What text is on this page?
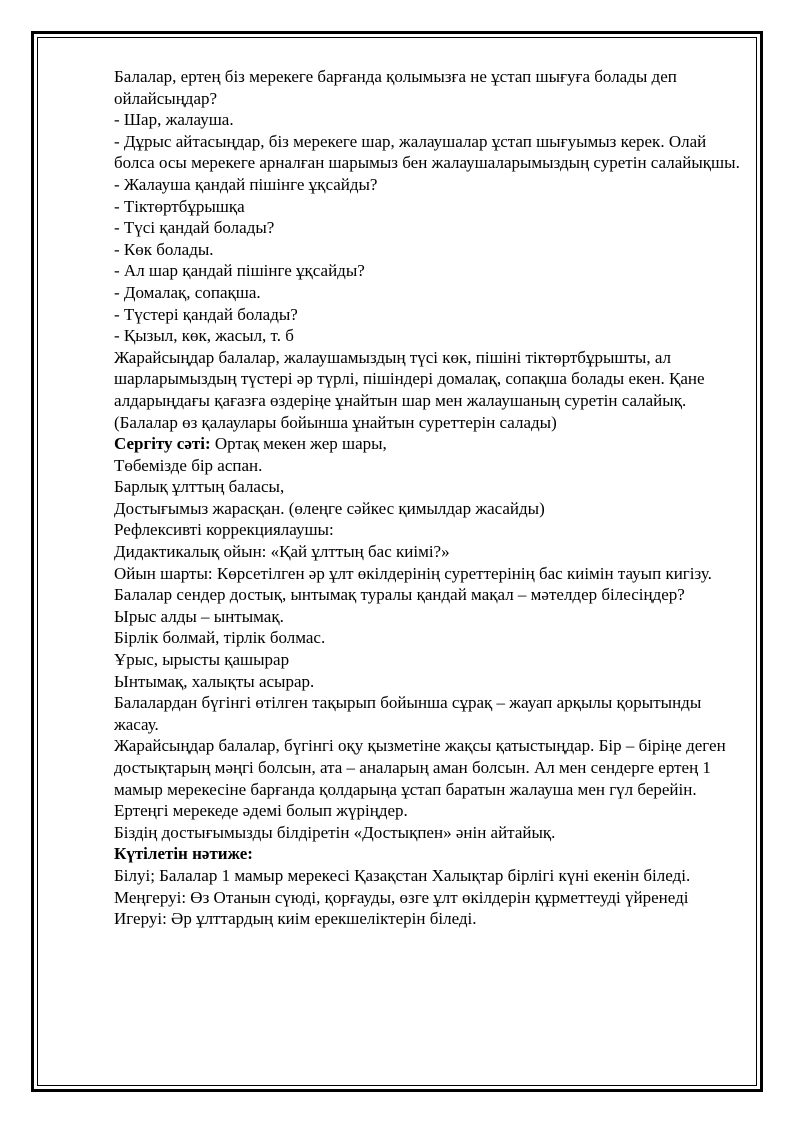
Балалар, ертең біз мерекеге барғанда қолымызға не ұстап шығуға болады деп ойлайсыңдар?

- Шар, жалауша.

- Дұрыс айтасыңдар, біз мерекеге шар, жалаушалар ұстап шығуымыз керек. Олай болса осы мерекеге арналған шарымыз бен жалаушаларымыздың суретін салайықшы.

- Жалауша қандай пішінге ұқсайды?

- Тіктөртбұрышқа

- Түсі қандай болады?

- Көк болады.

- Ал шар қандай пішінге ұқсайды?

- Домалақ, сопақша.

- Түстері қандай болады?

- Қызыл, көк, жасыл, т. б

Жарайсыңдар балалар, жалаушамыздың түсі көк, пішіні тіктөртбұрышты, ал шарларымыздың түстері әр түрлі, пішіндері домалақ, сопақша болады екен. Қане алдарыңдағы қағазға өздеріңе ұнайтын шар мен жалаушаның суретін салайық.(Балалар өз қалаулары бойынша ұнайтын суреттерін салады)

Сергіту сәті: Ортақ мекен жер шары,

Төбемізде бір аспан.

Барлық ұлттың баласы,

Достығымыз жарасқан. (өлеңге сәйкес қимылдар жасайды)

Рефлексивті коррекциялаушы:

Дидактикалық ойын: «Қай ұлттың бас киімі?»

Ойын шарты: Көрсетілген әр ұлт өкілдерінің суреттерінің бас киімін тауып кигізу.

Балалар сендер достық, ынтымақ туралы қандай мақал – мәтелдер білесіңдер?

Ырыс алды – ынтымақ.

Бірлік болмай, тірлік болмас.

Ұрыс, ырысты қашырар

Ынтымақ, халықты асырар.

Балалардан бүгінгі өтілген тақырып бойынша сұрақ – жауап арқылы қорытынды жасау.

Жарайсыңдар балалар, бүгінгі оқу қызметіне жақсы қатыстыңдар. Бір – біріңе деген достықтарың мәңгі болсын, ата – аналарың аман болсын. Ал мен сендерге ертең 1 мамыр мерекесіне барғанда қолдарыңа ұстап баратын жалауша мен гүл берейін. Ертеңгі мерекеде әдемі болып жүріңдер.

Біздің достығымызды білдіретін «Достықпен» әнін айтайық.

Күтілетін нәтиже:

Білуі; Балалар 1 мамыр мерекесі Қазақстан Халықтар бірлігі күні екенін біледі.

Меңгеруі: Өз Отанын сүюді, қорғауды, өзге ұлт өкілдерін құрметтеуді үйренеді

Игеруі: Әр ұлттардың киім ерекшеліктерін біледі.
